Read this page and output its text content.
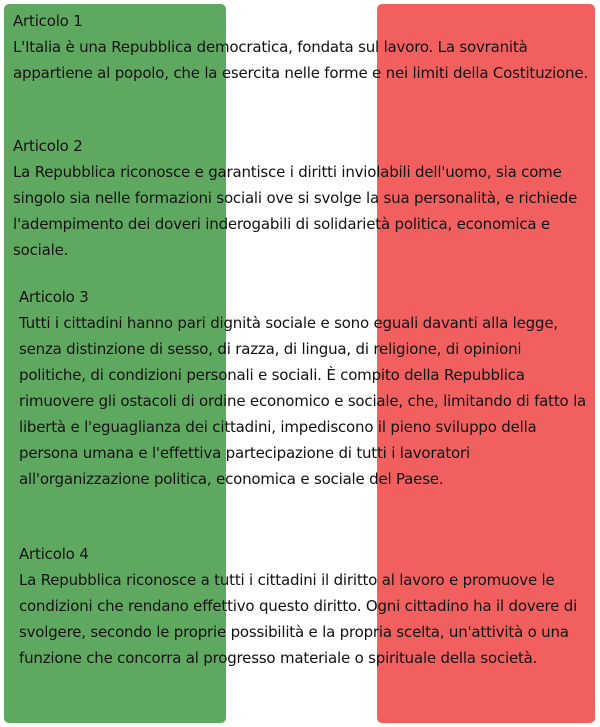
Articolo 1
L'Italia è una Repubblica democratica, fondata sul lavoro. La sovranità appartiene al popolo, che la esercita nelle forme e nei limiti della Costituzione.
Articolo 2
La Repubblica riconosce e garantisce i diritti inviolabili dell'uomo, sia come singolo sia nelle formazioni sociali ove si svolge la sua personalità, e richiede l'adempimento dei doveri inderogabili di solidarietà politica, economica e sociale.
Articolo 3
Tutti i cittadini hanno pari dignità sociale e sono eguali davanti alla legge, senza distinzione di sesso, di razza, di lingua, di religione, di opinioni politiche, di condizioni personali e sociali. È compito della Repubblica rimuovere gli ostacoli di ordine economico e sociale, che, limitando di fatto la libertà e l'eguaglianza dei cittadini, impediscono il pieno sviluppo della persona umana e l'effettiva partecipazione di tutti i lavoratori all'organizzazione politica, economica e sociale del Paese.
Articolo 4
La Repubblica riconosce a tutti i cittadini il diritto al lavoro e promuove le condizioni che rendano effettivo questo diritto. Ogni cittadino ha il dovere di svolgere, secondo le proprie possibilità e la propria scelta, un'attività o una funzione che concorra al progresso materiale o spirituale della società.
